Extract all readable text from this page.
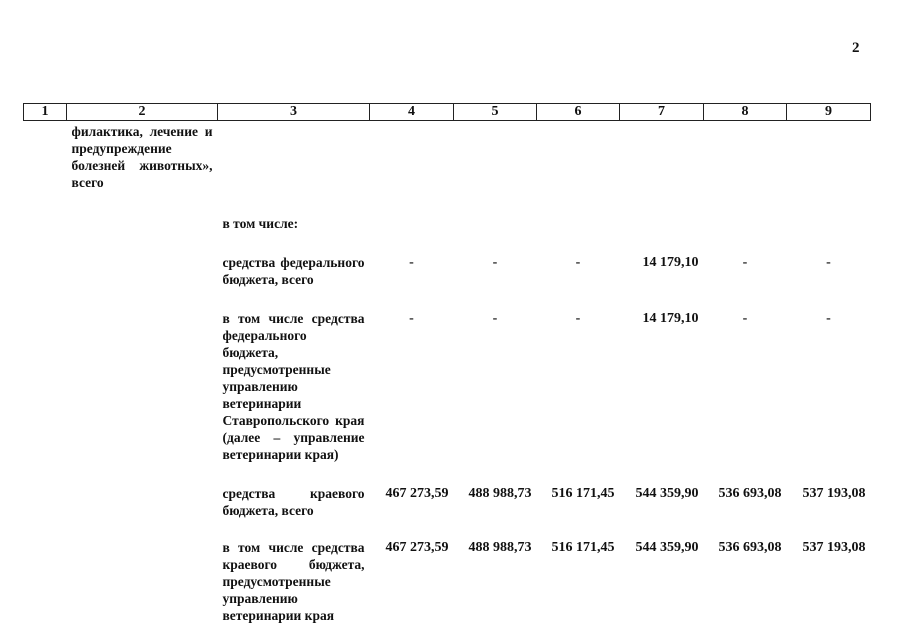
2
1	2	3	4	5	6	7	8	9
	филактика, лечение и предупреждение болезней животных», всего							
		в том числе:						
		средства федерального бюджета, всего	-	-	-	14 179,10	-	-
		в том числе средства федерального бюджета, предусмотренные управлению ветеринарии Ставропольского края (далее – управление ветеринарии края)	-	-	-	14 179,10	-	-
		средства краевого бюджета, всего	467 273,59	488 988,73	516 171,45	544 359,90	536 693,08	537 193,08
		в том числе средства краевого бюджета, предусмотренные управлению ветеринарии края	467 273,59	488 988,73	516 171,45	544 359,90	536 693,08	537 193,08
